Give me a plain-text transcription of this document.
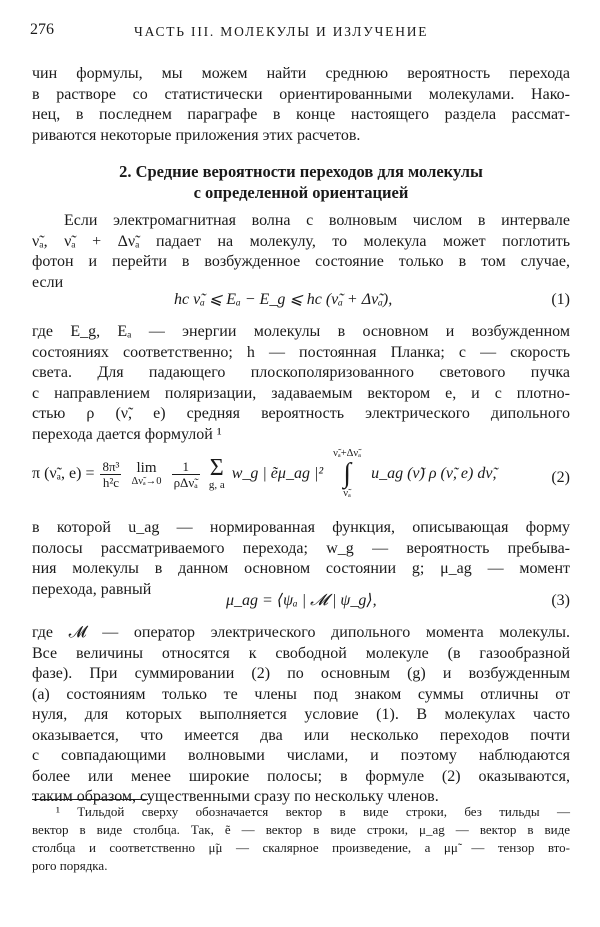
276	ЧАСТЬ III. МОЛЕКУЛЫ И ИЗЛУЧЕНИЕ
чин формулы, мы можем найти среднюю вероятность перехода
в растворе со статистически ориентированными молекулами. Нако-
нец, в последнем параграфе в конце настоящего раздела рассмат-
риваются некоторые приложения этих расчетов.
2. Средние вероятности переходов для молекулы
с определенной ориентацией
Если электромагнитная волна с волновым числом в интервале
ν̃ₐ, ν̃ₐ + Δν̃ₐ падает на молекулу, то молекула может поглотить
фотон и перейти в возбужденное состояние только в том случае,
если
hc ν̃ₐ ⩽ Eₐ − E_g ⩽ hc (ν̃ₐ + Δν̃ₐ),	(1)
где E_g, Eₐ — энергии молекулы в основном и возбужденном
состояниях соответственно; h — постоянная Планка; c — скорость
света. Для падающего плоскополяризованного светового пучка
с направлением поляризации, задаваемым вектором e, и с плотно-
стью ρ (ν̃, e) средняя вероятность электрического дипольного
перехода дается формулой ¹
π (ν̃ₐ, $e) = \frac{\text{8π³}}{\text{h²c}}$
	lim
Δν̃ₐ→0
$\frac{1}{\text{ρΔν̃ₐ}}$
Σ
g, a
w_g | ẽμ_ag |²
ν̃ₐ+Δν̃ₐ
∫
ν̃ₐ
u_ag (ν̃) ρ (ν̃, e) dν̃,	(2)
в которой u_ag — нормированная функция, описывающая форму
полосы рассматриваемого перехода; w_g — вероятность пребыва-
ния молекулы в данном основном состоянии g; μ_ag — момент
перехода, равный
μ_ag = ⟨ψₐ | 𝓜 | ψ_g⟩,	(3)
где 𝓜 — оператор электрического дипольного момента молекулы.
Все величины относятся к свободной молекуле (в газообразной
фазе). При суммировании (2) по основным (g) и возбужденным
(a) состояниям только те члены под знаком суммы отличны от
нуля, для которых выполняется условие (1). В молекулах часто
оказывается, что имеется два или несколько переходов почти
с совпадающими волновыми числами, и поэтому наблюдаются
более или менее широкие полосы; в формуле (2) оказываются,
таким образом, существенными сразу по нескольку членов.
¹ Тильдой сверху обозначается вектор в виде строки, без тильды —
вектор в виде столбца. Так, ẽ — вектор в виде строки, μ_ag — вектор в виде
столбца и соответственно μ̃μ — скалярное произведение, а μμ̃ — тензор вто-
рого порядка.
